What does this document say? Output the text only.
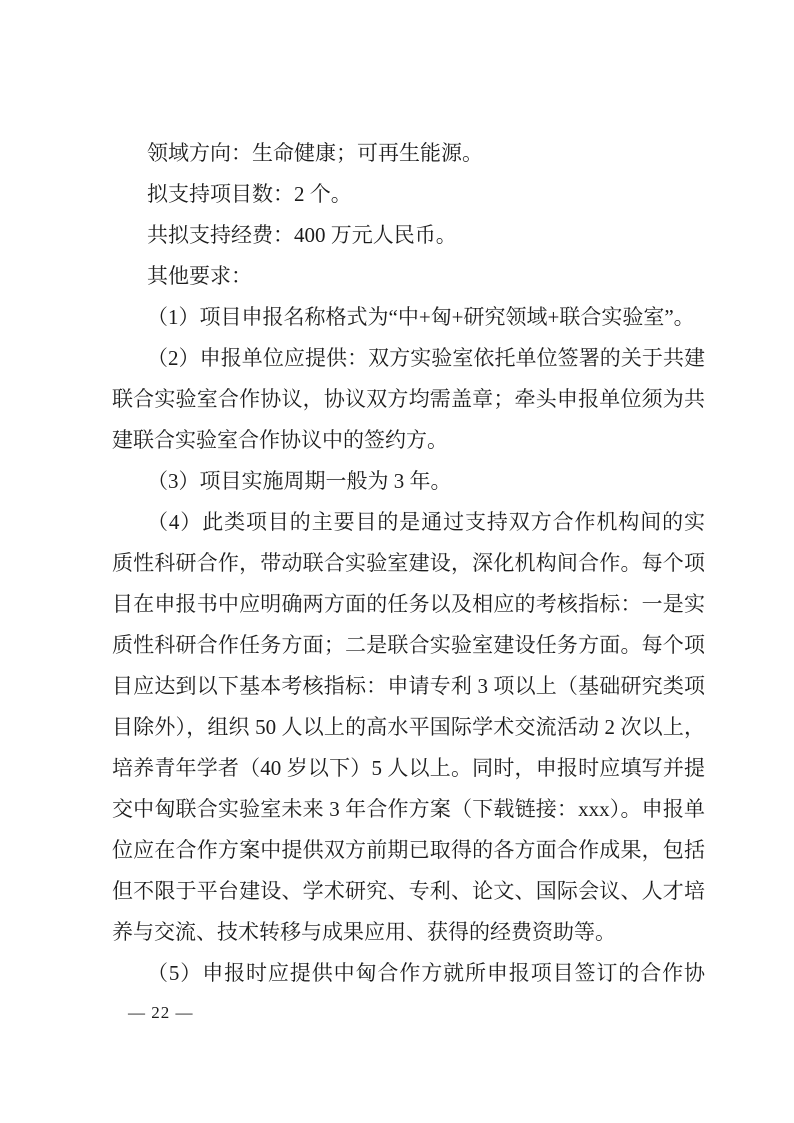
领域方向：生命健康；可再生能源。
拟支持项目数：2 个。
共拟支持经费：400 万元人民币。
其他要求：
（1）项目申报名称格式为“中+匈+研究领域+联合实验室”。
（2）申报单位应提供：双方实验室依托单位签署的关于共建
联合实验室合作协议，协议双方均需盖章；牵头申报单位须为共
建联合实验室合作协议中的签约方。
（3）项目实施周期一般为 3 年。
（4）此类项目的主要目的是通过支持双方合作机构间的实
质性科研合作，带动联合实验室建设，深化机构间合作。每个项
目在申报书中应明确两方面的任务以及相应的考核指标：一是实
质性科研合作任务方面；二是联合实验室建设任务方面。每个项
目应达到以下基本考核指标：申请专利 3 项以上（基础研究类项
目除外），组织 50 人以上的高水平国际学术交流活动 2 次以上，
培养青年学者（40 岁以下）5 人以上。同时，申报时应填写并提
交中匈联合实验室未来 3 年合作方案（下载链接：xxx）。申报单
位应在合作方案中提供双方前期已取得的各方面合作成果，包括
但不限于平台建设、学术研究、专利、论文、国际会议、人才培
养与交流、技术转移与成果应用、获得的经费资助等。
（5）申报时应提供中匈合作方就所申报项目签订的合作协
— 22 —
